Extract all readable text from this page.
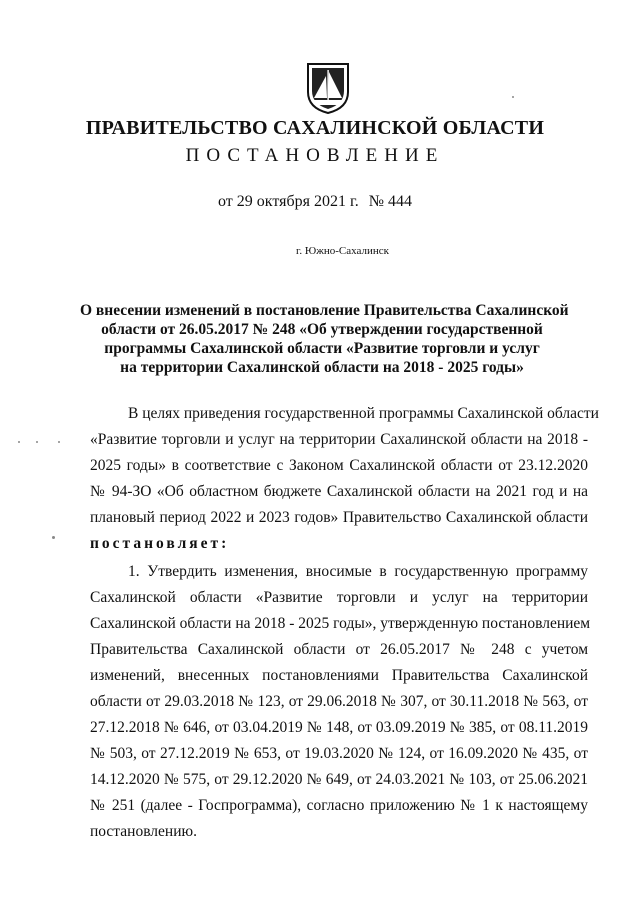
ПРАВИТЕЛЬСТВО САХАЛИНСКОЙ ОБЛАСТИ
ПОСТАНОВЛЕНИЕ
от 29 октября 2021 г. № 444
г. Южно-Сахалинск
О внесении изменений в постановление Правительства Сахалинской
области от 26.05.2017 № 248 «Об утверждении государственной
программы Сахалинской области «Развитие торговли и услуг
на территории Сахалинской области на 2018 - 2025 годы»
В целях приведения государственной программы Сахалинской области
«Развитие торговли и услуг на территории Сахалинской области на 2018 -
2025 годы» в соответствие с Законом Сахалинской области от 23.12.2020
№ 94-ЗО «Об областном бюджете Сахалинской области на 2021 год и на
плановый период 2022 и 2023 годов» Правительство Сахалинской области
постановляет:
1. Утвердить изменения, вносимые в государственную программу
Сахалинской области «Развитие торговли и услуг на территории
Сахалинской области на 2018 - 2025 годы», утвержденную постановлением
Правительства Сахалинской области от 26.05.2017 № 248 с учетом
изменений, внесенных постановлениями Правительства Сахалинской
области от 29.03.2018 № 123, от 29.06.2018 № 307, от 30.11.2018 № 563, от
27.12.2018 № 646, от 03.04.2019 № 148, от 03.09.2019 № 385, от 08.11.2019
№ 503, от 27.12.2019 № 653, от 19.03.2020 № 124, от 16.09.2020 № 435, от
14.12.2020 № 575, от 29.12.2020 № 649, от 24.03.2021 № 103, от 25.06.2021
№ 251 (далее - Госпрограмма), согласно приложению № 1 к настоящему
постановлению.
